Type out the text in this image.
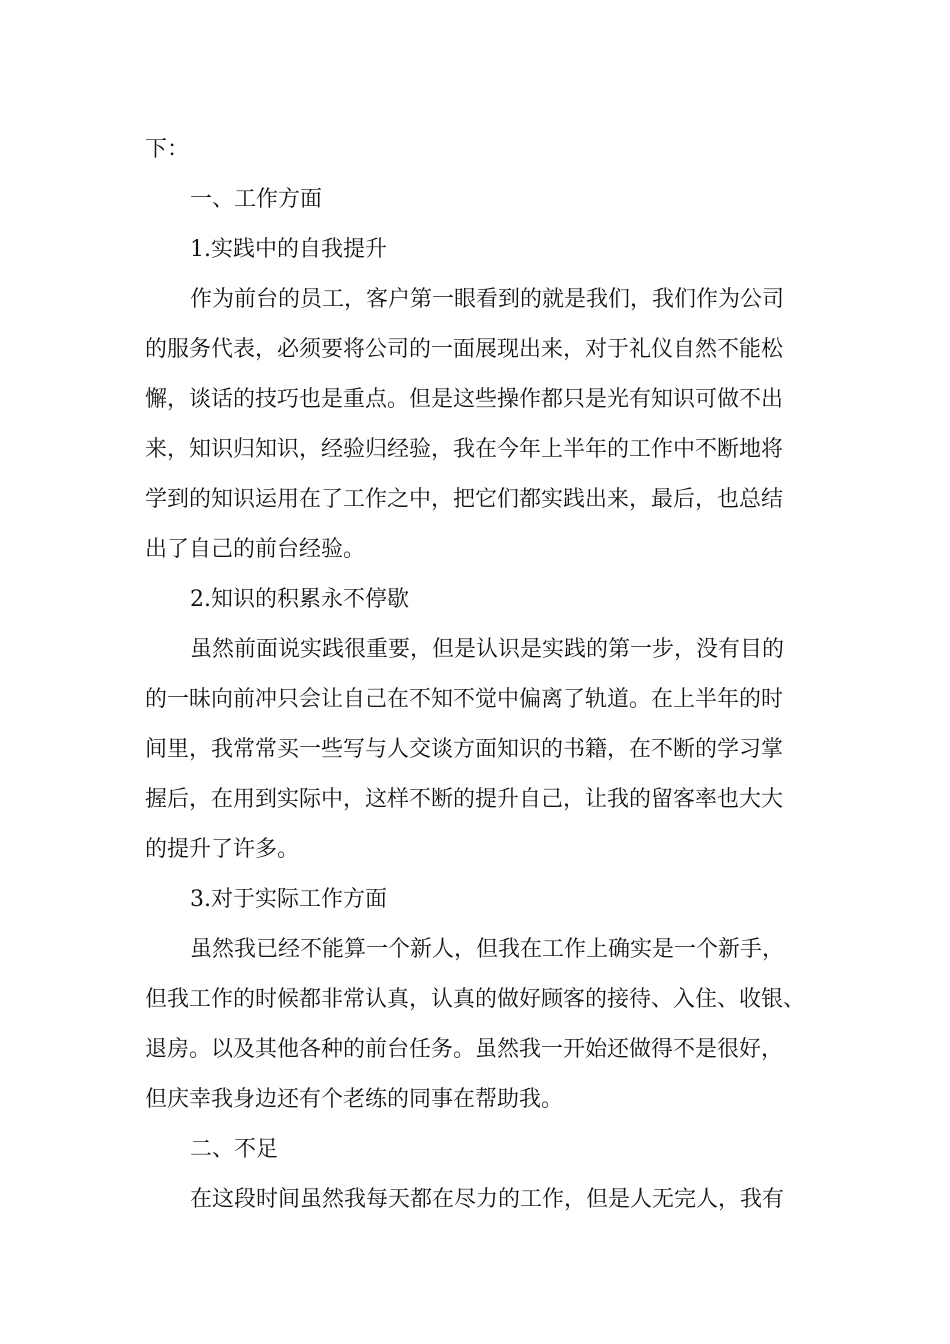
下：

一、工作方面

1.实践中的自我提升

作为前台的员工，客户第一眼看到的就是我们，我们作为公司

的服务代表，必须要将公司的一面展现出来，对于礼仪自然不能松

懈，谈话的技巧也是重点。但是这些操作都只是光有知识可做不出

来，知识归知识，经验归经验，我在今年上半年的工作中不断地将

学到的知识运用在了工作之中，把它们都实践出来，最后，也总结

出了自己的前台经验。

2.知识的积累永不停歇

虽然前面说实践很重要，但是认识是实践的第一步，没有目的

的一昧向前冲只会让自己在不知不觉中偏离了轨道。在上半年的时

间里，我常常买一些写与人交谈方面知识的书籍，在不断的学习掌

握后，在用到实际中，这样不断的提升自己，让我的留客率也大大

的提升了许多。

3.对于实际工作方面

虽然我已经不能算一个新人，但我在工作上确实是一个新手，

但我工作的时候都非常认真，认真的做好顾客的接待、入住、收银、

退房。以及其他各种的前台任务。虽然我一开始还做得不是很好，

但庆幸我身边还有个老练的同事在帮助我。

二、不足

在这段时间虽然我每天都在尽力的工作，但是人无完人，我有
